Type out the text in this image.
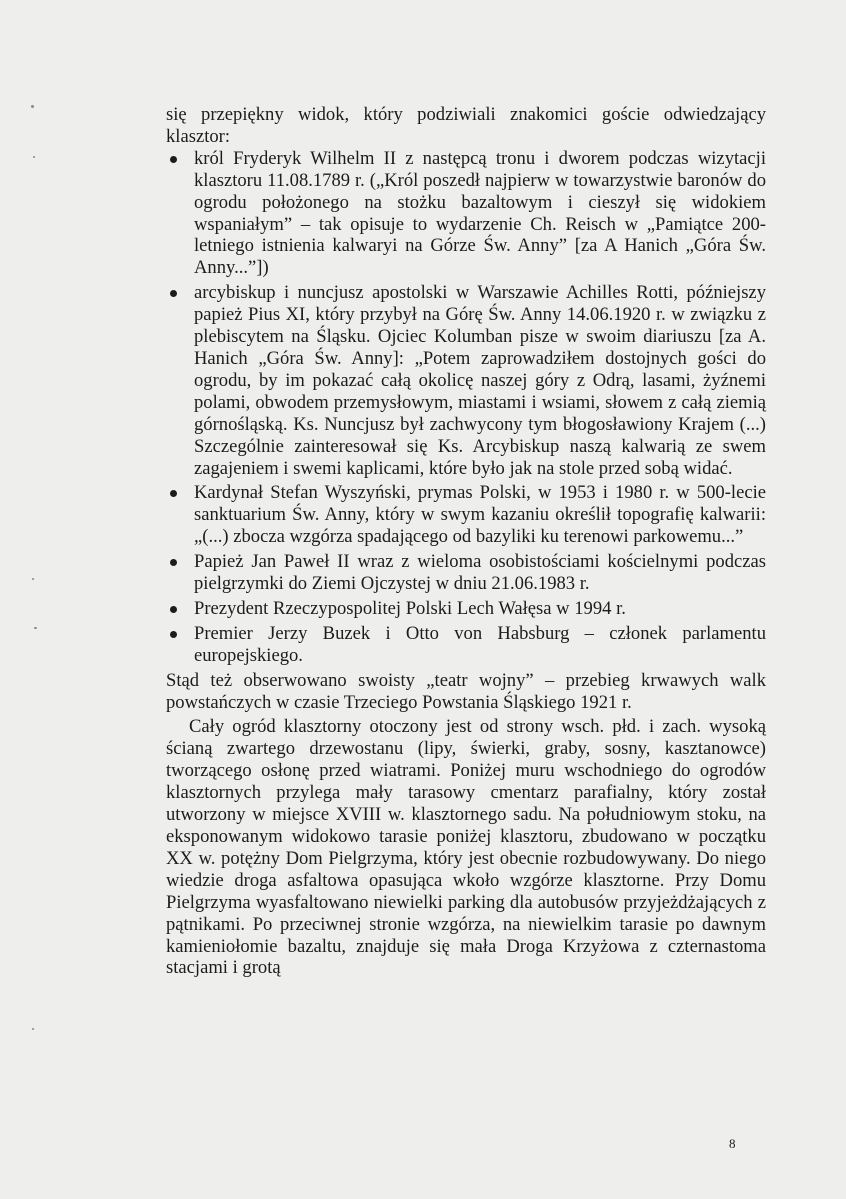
się przepiękny widok, który podziwiali znakomici goście odwiedzający klasztor:

król Fryderyk Wilhelm II z następcą tronu i dworem podczas wizytacji klasztoru 11.08.1789 r. („Król poszedł najpierw w towarzystwie baronów do ogrodu położonego na stożku bazaltowym i cieszył się widokiem wspaniałym” – tak opisuje to wydarzenie Ch. Reisch w „Pamiątce 200-letniego istnienia kalwaryi na Górze Św. Anny” [za A Hanich „Góra Św. Anny...”])
arcybiskup i nuncjusz apostolski w Warszawie Achilles Rotti, późniejszy papież Pius XI, który przybył na Górę Św. Anny 14.06.1920 r. w związku z plebiscytem na Śląsku. Ojciec Kolumban pisze w swoim diariuszu [za A. Hanich „Góra Św. Anny]: „Potem zaprowadziłem dostojnych gości do ogrodu, by im pokazać całą okolicę naszej góry z Odrą, lasami, żyźnemi polami, obwodem przemysłowym, miastami i wsiami, słowem z całą ziemią górnośląską. Ks. Nuncjusz był zachwycony tym błogosławiony Krajem (...) Szczególnie zainteresował się Ks. Arcybiskup naszą kalwarią ze swem zagajeniem i swemi kaplicami, które było jak na stole przed sobą widać.
Kardynał Stefan Wyszyński, prymas Polski, w 1953 i 1980 r. w 500-lecie sanktuarium Św. Anny, który w swym kazaniu określił topografię kalwarii: „(...) zbocza wzgórza spadającego od bazyliki ku terenowi parkowemu...”
Papież Jan Paweł II wraz z wieloma osobistościami kościelnymi podczas pielgrzymki do Ziemi Ojczystej w dniu 21.06.1983 r.
Prezydent Rzeczypospolitej Polski Lech Wałęsa w 1994 r.
Premier Jerzy Buzek i Otto von Habsburg – członek parlamentu europejskiego.

Stąd też obserwowano swoisty „teatr wojny” – przebieg krwawych walk powstańczych w czasie Trzeciego Powstania Śląskiego 1921 r.

Cały ogród klasztorny otoczony jest od strony wsch. płd. i zach. wysoką ścianą zwartego drzewostanu (lipy, świerki, graby, sosny, kasztanowce) tworzącego osłonę przed wiatrami. Poniżej muru wschodniego do ogrodów klasztornych przylega mały tarasowy cmentarz parafialny, który został utworzony w miejsce XVIII w. klasztornego sadu. Na południowym stoku, na eksponowanym widokowo tarasie poniżej klasztoru, zbudowano w początku XX w. potężny Dom Pielgrzyma, który jest obecnie rozbudowywany. Do niego wiedzie droga asfaltowa opasująca wkoło wzgórze klasztorne. Przy Domu Pielgrzyma wyasfaltowano niewielki parking dla autobusów przyjeżdżających z pątnikami. Po przeciwnej stronie wzgórza, na niewielkim tarasie po dawnym kamieniołomie bazaltu, znajduje się mała Droga Krzyżowa z czternastoma stacjami i grotą

8
